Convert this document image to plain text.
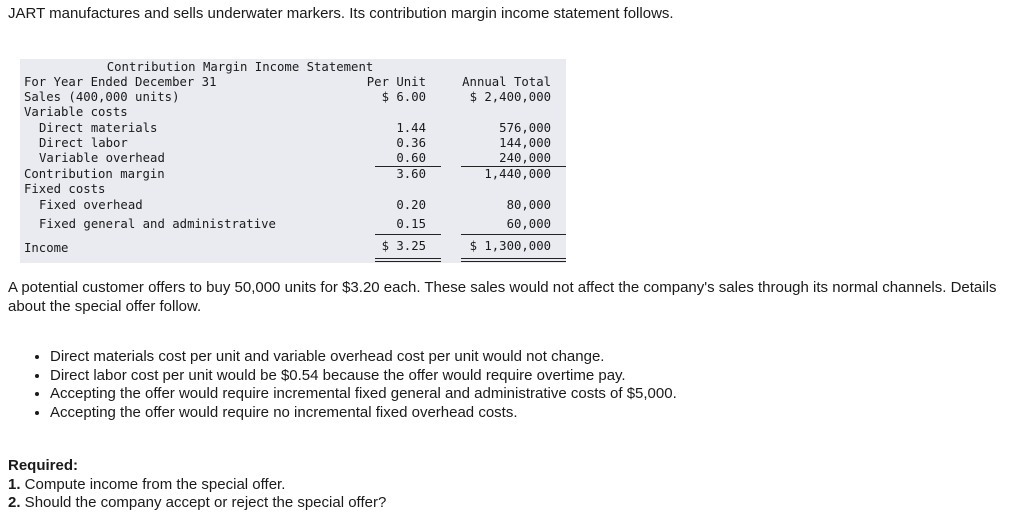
JART manufactures and sells underwater markers. Its contribution margin income statement follows.

Contribution Margin Income Statement
For Year Ended December 31	Per Unit	Annual Total
Sales (400,000 units)	$ 6.00	$ 2,400,000
Variable costs
Direct materials	1.44	576,000
Direct labor	0.36	144,000
Variable overhead	0.60	240,000
Contribution margin	3.60	1,440,000
Fixed costs
Fixed overhead	0.20	80,000
Fixed general and administrative	0.15	60,000
Income	$ 3.25	$ 1,300,000

A potential customer offers to buy 50,000 units for $3.20 each. These sales would not affect the company's sales through its normal channels. Details about the special offer follow.

• Direct materials cost per unit and variable overhead cost per unit would not change.
• Direct labor cost per unit would be $0.54 because the offer would require overtime pay.
• Accepting the offer would require incremental fixed general and administrative costs of $5,000.
• Accepting the offer would require no incremental fixed overhead costs.
Required:
1. Compute income from the special offer.
2. Should the company accept or reject the special offer?
